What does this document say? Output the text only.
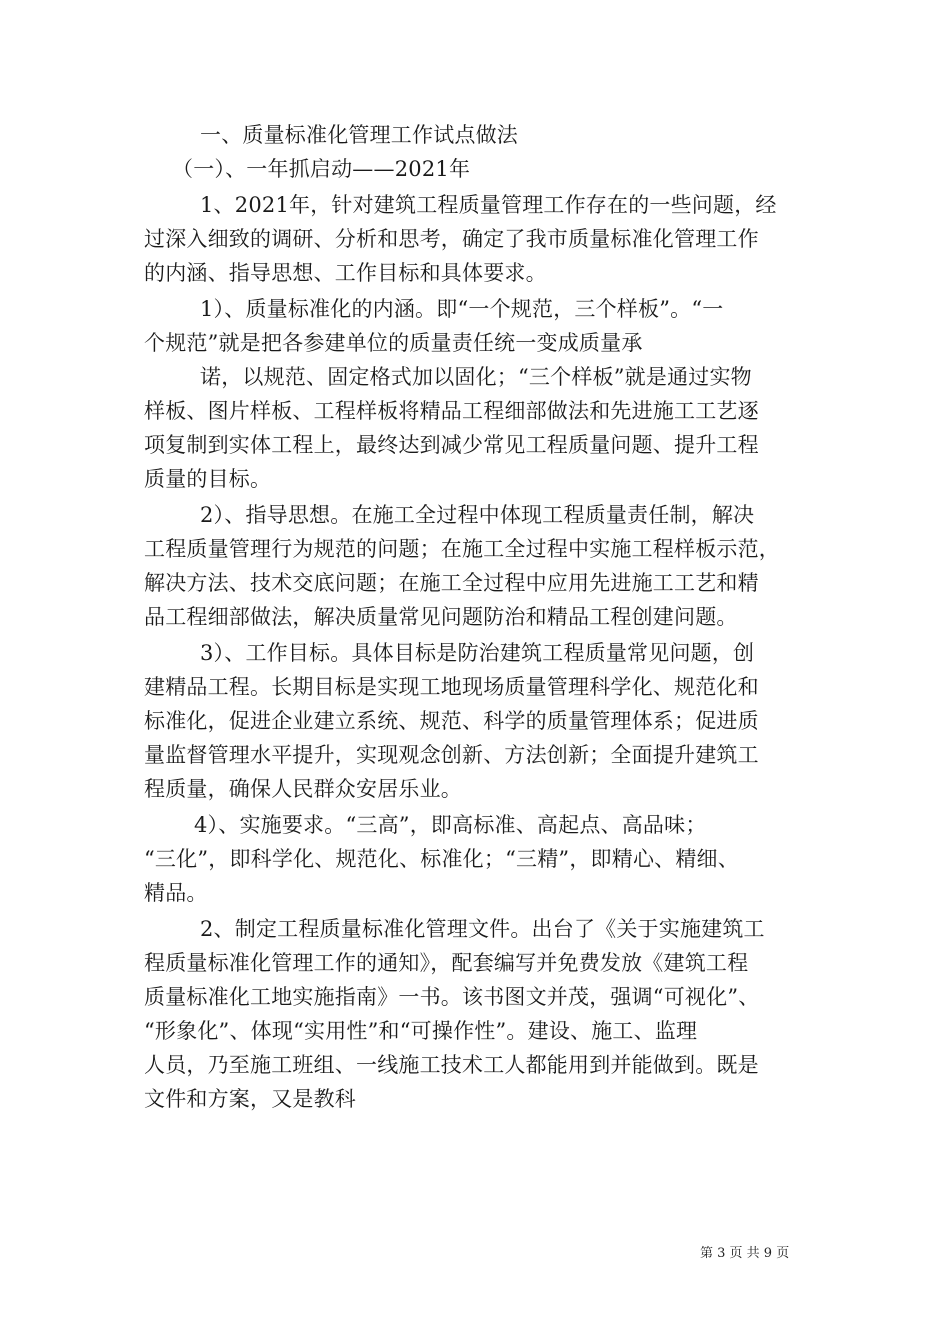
一、质量标准化管理工作试点做法
（一）、一年抓启动——2021年
1、2021年，针对建筑工程质量管理工作存在的一些问题，经
过深入细致的调研、分析和思考，确定了我市质量标准化管理工作
的内涵、指导思想、工作目标和具体要求。
1）、质量标准化的内涵。即“一个规范，三个样板”。“一
个规范”就是把各参建单位的质量责任统一变成质量承
诺，以规范、固定格式加以固化；“三个样板”就是通过实物
样板、图片样板、工程样板将精品工程细部做法和先进施工工艺逐
项复制到实体工程上，最终达到减少常见工程质量问题、提升工程
质量的目标。
2）、指导思想。在施工全过程中体现工程质量责任制，解决
工程质量管理行为规范的问题；在施工全过程中实施工程样板示范，
解决方法、技术交底问题；在施工全过程中应用先进施工工艺和精
品工程细部做法，解决质量常见问题防治和精品工程创建问题。
3）、工作目标。具体目标是防治建筑工程质量常见问题，创
建精品工程。长期目标是实现工地现场质量管理科学化、规范化和
标准化，促进企业建立系统、规范、科学的质量管理体系；促进质
量监督管理水平提升，实现观念创新、方法创新；全面提升建筑工
程质量，确保人民群众安居乐业。
4）、实施要求。“三高”，即高标准、高起点、高品味；
“三化”，即科学化、规范化、标准化；“三精”，即精心、精细、
精品。
2、制定工程质量标准化管理文件。出台了《关于实施建筑工
程质量标准化管理工作的通知》，配套编写并免费发放《建筑工程
质量标准化工地实施指南》一书。该书图文并茂，强调“可视化”、
“形象化”、体现“实用性”和“可操作性”。建设、施工、监理
人员，乃至施工班组、一线施工技术工人都能用到并能做到。既是
文件和方案，又是教科
第 3 页 共 9 页
